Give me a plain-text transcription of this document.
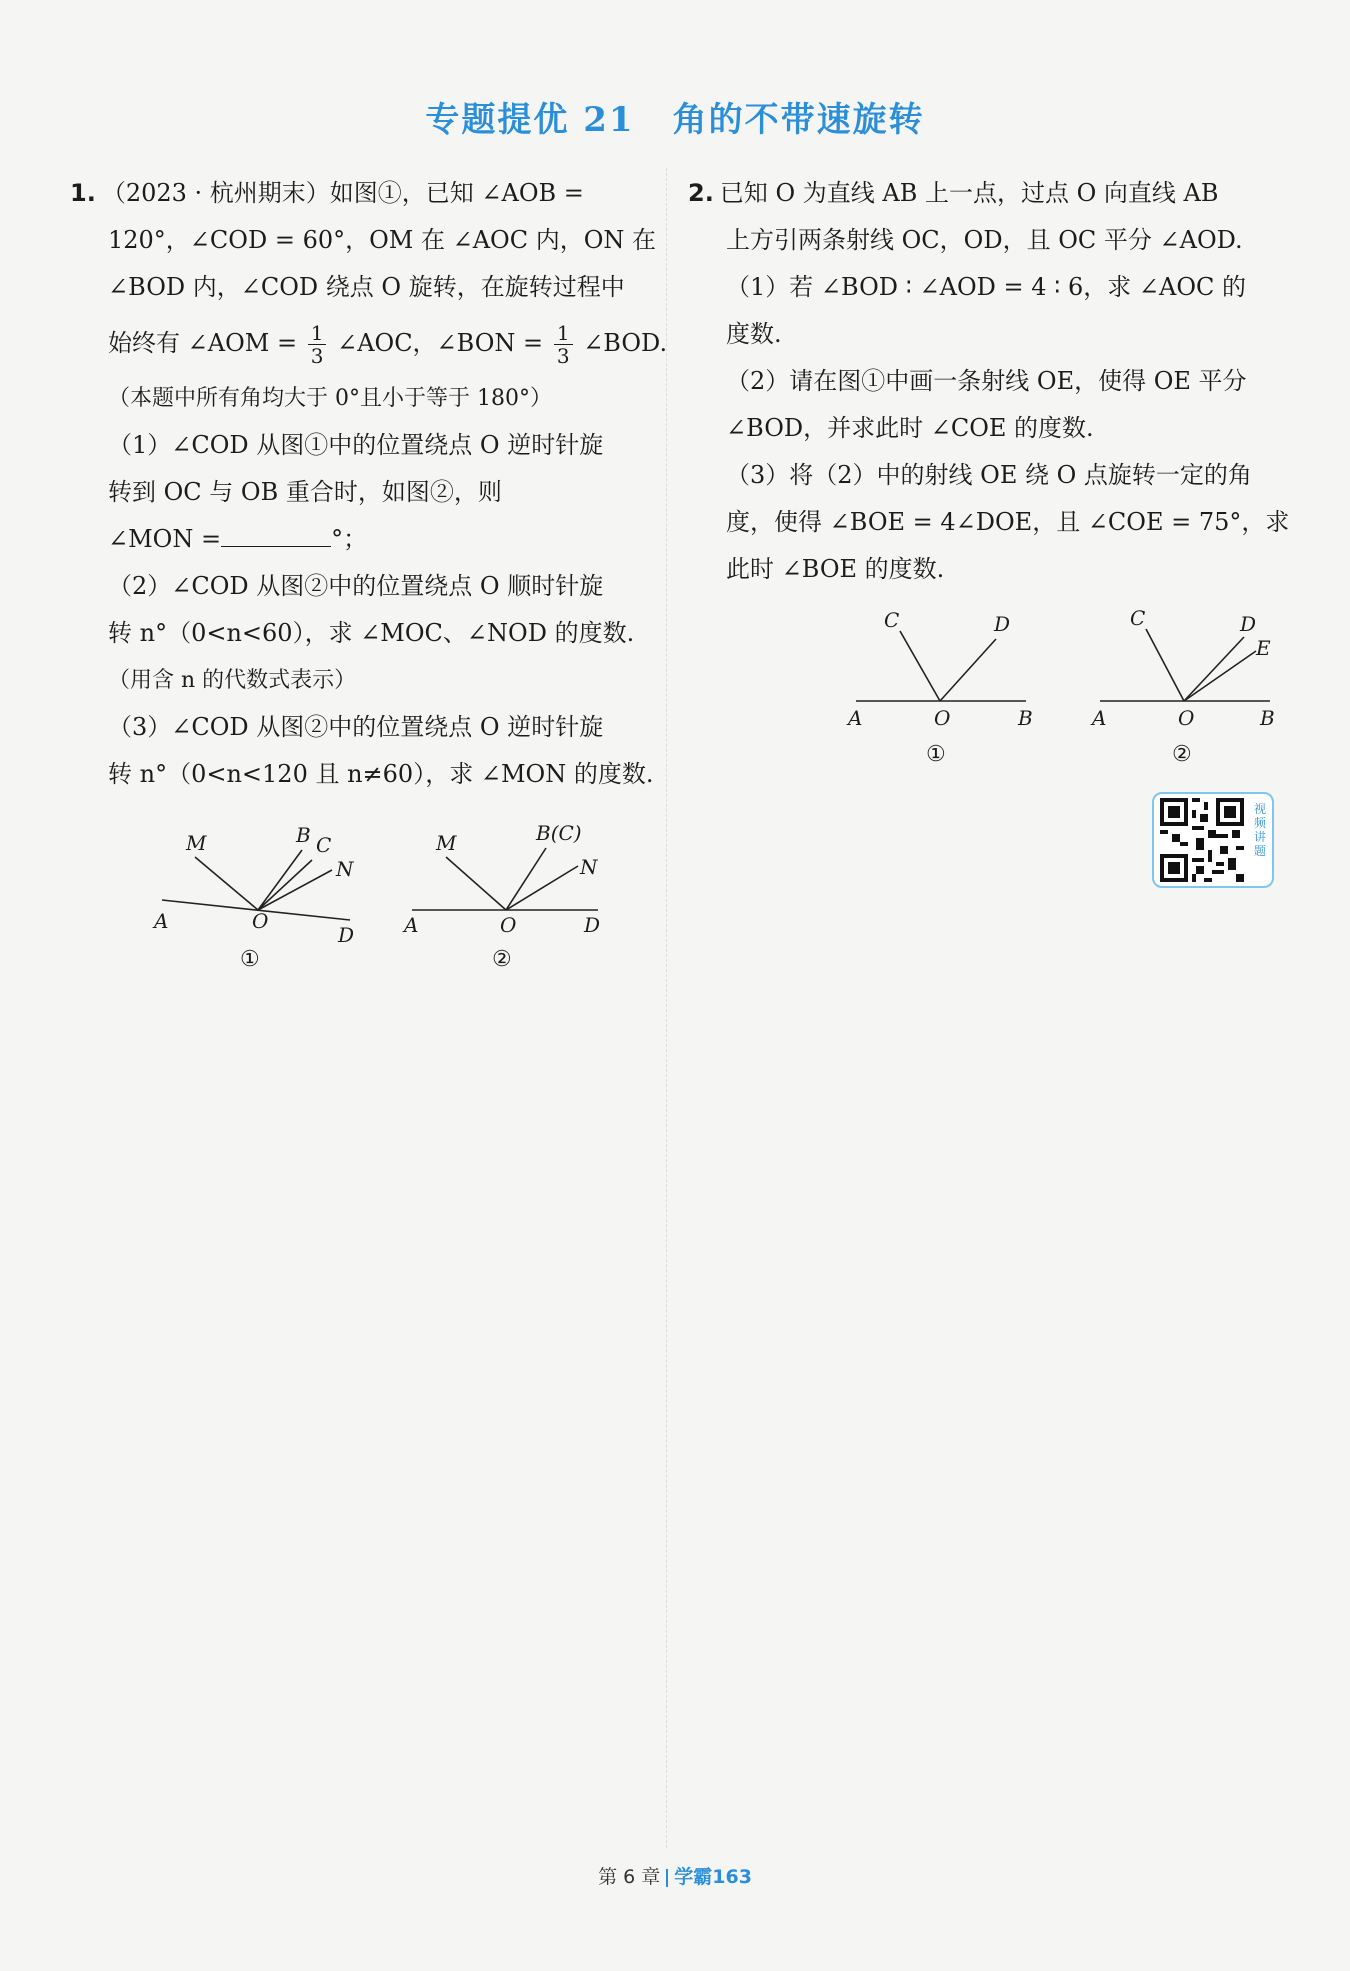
专题提优 21 角的不带速旋转
1. （2023 · 杭州期末）如图①，已知 ∠AOB =
120°，∠COD = 60°，OM 在 ∠AOC 内，ON 在
∠BOD 内，∠COD 绕点 O 旋转，在旋转过程中
始终有 ∠AOM = $\frac{1}{3}$ ∠AOC，∠BON = $\frac{1}{3}$ ∠BOD.
（本题中所有角均大于 0°且小于等于 180°）
（1）∠COD 从图①中的位置绕点 O 逆时针旋
转到 OC 与 OB 重合时，如图②，则
∠MON =	°；
（2）∠COD 从图②中的位置绕点 O 顺时针旋
转 n°（0<n<60），求 ∠MOC、∠NOD 的度数.
（用含 n 的代数式表示）
（3）∠COD 从图②中的位置绕点 O 逆时针旋
转 n°（0<n<120 且 n≠60），求 ∠MON 的度数.
M	B C
N
A	O
D
①
M	B(C)
N
A	O	D
②
2. 已知 O 为直线 AB 上一点，过点 O 向直线 AB
上方引两条射线 OC，OD，且 OC 平分 ∠AOD.
（1）若 ∠BOD ∶ ∠AOD = 4 ∶ 6，求 ∠AOC 的
度数.
（2）请在图①中画一条射线 OE，使得 OE 平分
∠BOD，并求此时 ∠COE 的度数.
（3）将（2）中的射线 OE 绕 O 点旋转一定的角
度，使得 ∠BOE = 4∠DOE，且 ∠COE = 75°，求
此时 ∠BOE 的度数.
C	D
A	O	B
①
C	D
E
A	O	B
②
视频讲题
第 6 章 学霸163
